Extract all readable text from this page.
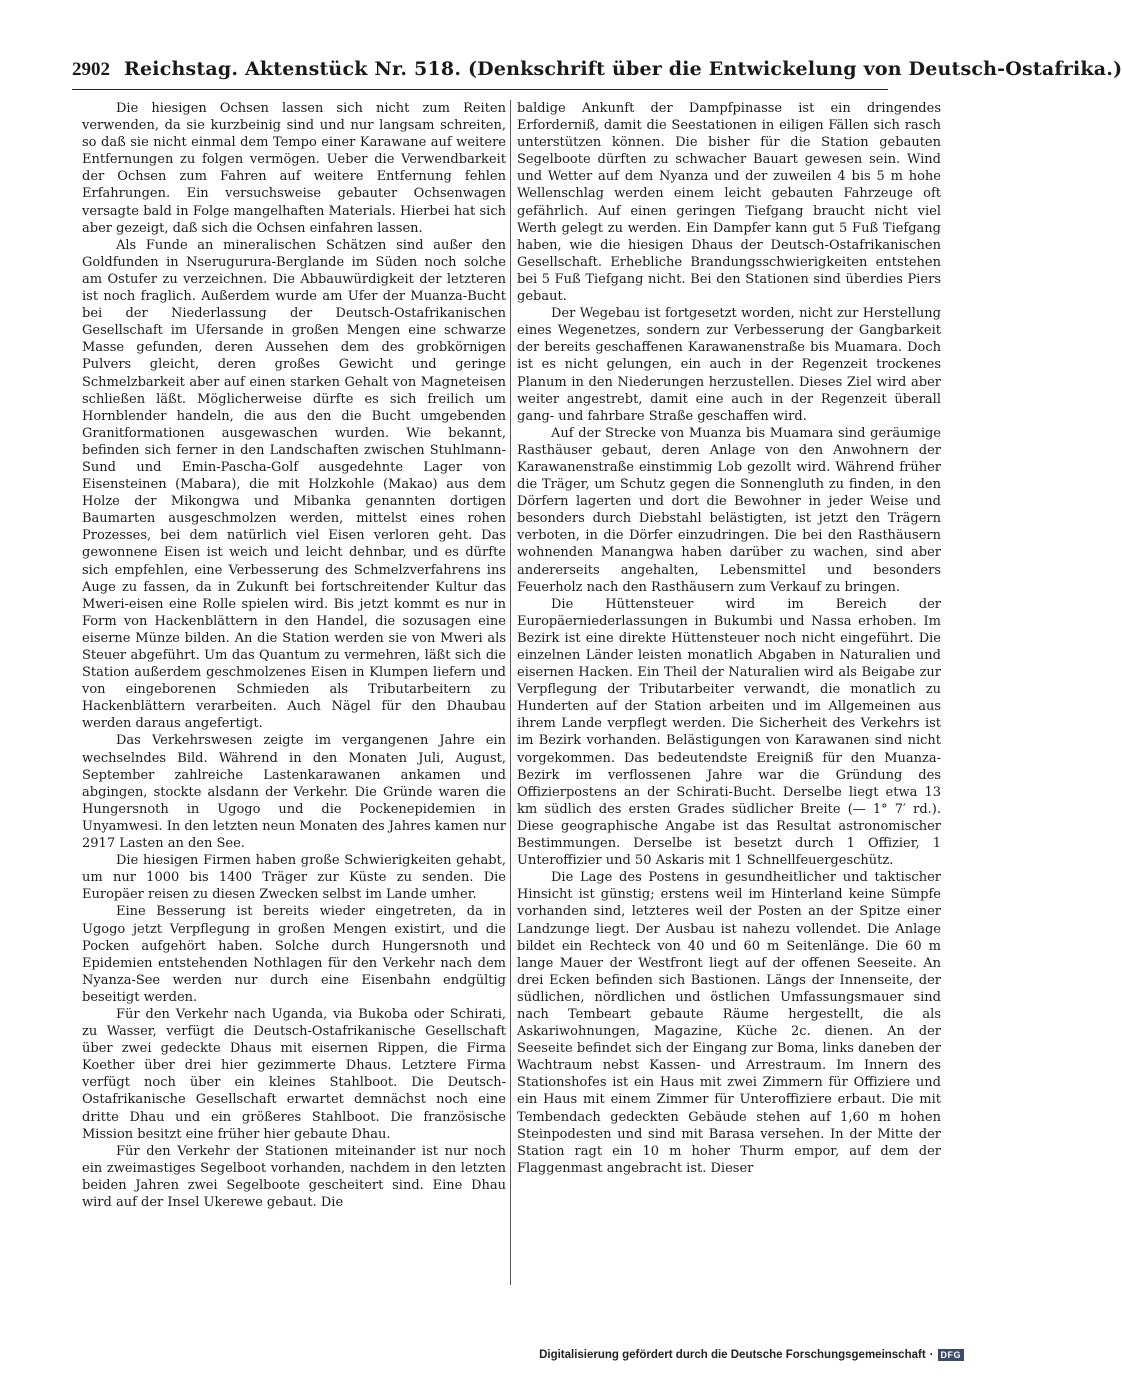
2902 Reichstag. Aktenstück Nr. 518. (Denkschrift über die Entwickelung von Deutsch-Ostafrika.)

Die hiesigen Ochsen lassen sich nicht zum Reiten verwenden, da sie kurzbeinig sind und nur langsam schreiten, so daß sie nicht einmal dem Tempo einer Karawane auf weitere Entfernungen zu folgen vermögen. Ueber die Verwendbarkeit der Ochsen zum Fahren auf weitere Entfernung fehlen Erfahrungen. Ein versuchsweise gebauter Ochsenwagen versagte bald in Folge mangelhaften Materials. Hierbei hat sich aber gezeigt, daß sich die Ochsen einfahren lassen.

Als Funde an mineralischen Schätzen sind außer den Goldfunden in Nserugurura-Berglande im Süden noch solche am Ostufer zu verzeichnen. Die Abbauwürdigkeit der letzteren ist noch fraglich. Außerdem wurde am Ufer der Muanza-Bucht bei der Niederlassung der Deutsch-Ostafrikanischen Gesellschaft im Ufersande in großen Mengen eine schwarze Masse gefunden, deren Aussehen dem des grobkörnigen Pulvers gleicht, deren großes Gewicht und geringe Schmelzbarkeit aber auf einen starken Gehalt von Magneteisen schließen läßt. Möglicherweise dürfte es sich freilich um Hornblender handeln, die aus den die Bucht umgebenden Granitformationen ausgewaschen wurden. Wie bekannt, befinden sich ferner in den Landschaften zwischen Stuhlmann-Sund und Emin-Pascha-Golf ausgedehnte Lager von Eisensteinen (Mabara), die mit Holzkohle (Makao) aus dem Holze der Mikongwa und Mibanka genannten dortigen Baumarten ausgeschmolzen werden, mittelst eines rohen Prozesses, bei dem natürlich viel Eisen verloren geht. Das gewonnene Eisen ist weich und leicht dehnbar, und es dürfte sich empfehlen, eine Verbesserung des Schmelzverfahrens ins Auge zu fassen, da in Zukunft bei fortschreitender Kultur das Mweri-eisen eine Rolle spielen wird. Bis jetzt kommt es nur in Form von Hackenblättern in den Handel, die sozusagen eine eiserne Münze bilden. An die Station werden sie von Mweri als Steuer abgeführt. Um das Quantum zu vermehren, läßt sich die Station außerdem geschmolzenes Eisen in Klumpen liefern und von eingeborenen Schmieden als Tributarbeitern zu Hackenblättern verarbeiten. Auch Nägel für den Dhaubau werden daraus angefertigt.

Das Verkehrswesen zeigte im vergangenen Jahre ein wechselndes Bild. Während in den Monaten Juli, August, September zahlreiche Lastenkarawanen ankamen und abgingen, stockte alsdann der Verkehr. Die Gründe waren die Hungersnoth in Ugogo und die Pockenepidemien in Unyamwesi. In den letzten neun Monaten des Jahres kamen nur 2917 Lasten an den See.

Die hiesigen Firmen haben große Schwierigkeiten gehabt, um nur 1000 bis 1400 Träger zur Küste zu senden. Die Europäer reisen zu diesen Zwecken selbst im Lande umher.

Eine Besserung ist bereits wieder eingetreten, da in Ugogo jetzt Verpflegung in großen Mengen existirt, und die Pocken aufgehört haben. Solche durch Hungersnoth und Epidemien entstehenden Nothlagen für den Verkehr nach dem Nyanza-See werden nur durch eine Eisenbahn endgültig beseitigt werden.

Für den Verkehr nach Uganda, via Bukoba oder Schirati, zu Wasser, verfügt die Deutsch-Ostafrikanische Gesellschaft über zwei gedeckte Dhaus mit eisernen Rippen, die Firma Koether über drei hier gezimmerte Dhaus. Letztere Firma verfügt noch über ein kleines Stahlboot. Die Deutsch-Ostafrikanische Gesellschaft erwartet demnächst noch eine dritte Dhau und ein größeres Stahlboot. Die französische Mission besitzt eine früher hier gebaute Dhau.

Für den Verkehr der Stationen miteinander ist nur noch ein zweimastiges Segelboot vorhanden, nachdem in den letzten beiden Jahren zwei Segelboote gescheitert sind. Eine Dhau wird auf der Insel Ukerewe gebaut. Die

baldige Ankunft der Dampfpinasse ist ein dringendes Erforderniß, damit die Seestationen in eiligen Fällen sich rasch unterstützen können. Die bisher für die Station gebauten Segelboote dürften zu schwacher Bauart gewesen sein. Wind und Wetter auf dem Nyanza und der zuweilen 4 bis 5 m hohe Wellenschlag werden einem leicht gebauten Fahrzeuge oft gefährlich. Auf einen geringen Tiefgang braucht nicht viel Werth gelegt zu werden. Ein Dampfer kann gut 5 Fuß Tiefgang haben, wie die hiesigen Dhaus der Deutsch-Ostafrikanischen Gesellschaft. Erhebliche Brandungsschwierigkeiten entstehen bei 5 Fuß Tiefgang nicht. Bei den Stationen sind überdies Piers gebaut.

Der Wegebau ist fortgesetzt worden, nicht zur Herstellung eines Wegenetzes, sondern zur Verbesserung der Gangbarkeit der bereits geschaffenen Karawanenstraße bis Muamara. Doch ist es nicht gelungen, ein auch in der Regenzeit trockenes Planum in den Niederungen herzustellen. Dieses Ziel wird aber weiter angestrebt, damit eine auch in der Regenzeit überall gang- und fahrbare Straße geschaffen wird.

Auf der Strecke von Muanza bis Muamara sind geräumige Rasthäuser gebaut, deren Anlage von den Anwohnern der Karawanenstraße einstimmig Lob gezollt wird. Während früher die Träger, um Schutz gegen die Sonnengluth zu finden, in den Dörfern lagerten und dort die Bewohner in jeder Weise und besonders durch Diebstahl belästigten, ist jetzt den Trägern verboten, in die Dörfer einzudringen. Die bei den Rasthäusern wohnenden Manangwa haben darüber zu wachen, sind aber andererseits angehalten, Lebensmittel und besonders Feuerholz nach den Rasthäusern zum Verkauf zu bringen.

Die Hüttensteuer wird im Bereich der Europäerniederlassungen in Bukumbi und Nassa erhoben. Im Bezirk ist eine direkte Hüttensteuer noch nicht eingeführt. Die einzelnen Länder leisten monatlich Abgaben in Naturalien und eisernen Hacken. Ein Theil der Naturalien wird als Beigabe zur Verpflegung der Tributarbeiter verwandt, die monatlich zu Hunderten auf der Station arbeiten und im Allgemeinen aus ihrem Lande verpflegt werden. Die Sicherheit des Verkehrs ist im Bezirk vorhanden. Belästigungen von Karawanen sind nicht vorgekommen. Das bedeutendste Ereigniß für den Muanza-Bezirk im verflossenen Jahre war die Gründung des Offizierpostens an der Schirati-Bucht. Derselbe liegt etwa 13 km südlich des ersten Grades südlicher Breite (— 1° 7′ rd.). Diese geographische Angabe ist das Resultat astronomischer Bestimmungen. Derselbe ist besetzt durch 1 Offizier, 1 Unteroffizier und 50 Askaris mit 1 Schnellfeuergeschütz.

Die Lage des Postens in gesundheitlicher und taktischer Hinsicht ist günstig; erstens weil im Hinterland keine Sümpfe vorhanden sind, letzteres weil der Posten an der Spitze einer Landzunge liegt. Der Ausbau ist nahezu vollendet. Die Anlage bildet ein Rechteck von 40 und 60 m Seitenlänge. Die 60 m lange Mauer der Westfront liegt auf der offenen Seeseite. An drei Ecken befinden sich Bastionen. Längs der Innenseite, der südlichen, nördlichen und östlichen Umfassungsmauer sind nach Tembeart gebaute Räume hergestellt, die als Askariwohnungen, Magazine, Küche 2c. dienen. An der Seeseite befindet sich der Eingang zur Boma, links daneben der Wachtraum nebst Kassen- und Arrestraum. Im Innern des Stationshofes ist ein Haus mit zwei Zimmern für Offiziere und ein Haus mit einem Zimmer für Unteroffiziere erbaut. Die mit Tembendach gedeckten Gebäude stehen auf 1,60 m hohen Steinpodesten und sind mit Barasa versehen. In der Mitte der Station ragt ein 10 m hoher Thurm empor, auf dem der Flaggenmast angebracht ist. Dieser

Digitalisierung gefördert durch die Deutsche Forschungsgemeinschaft · DFG
